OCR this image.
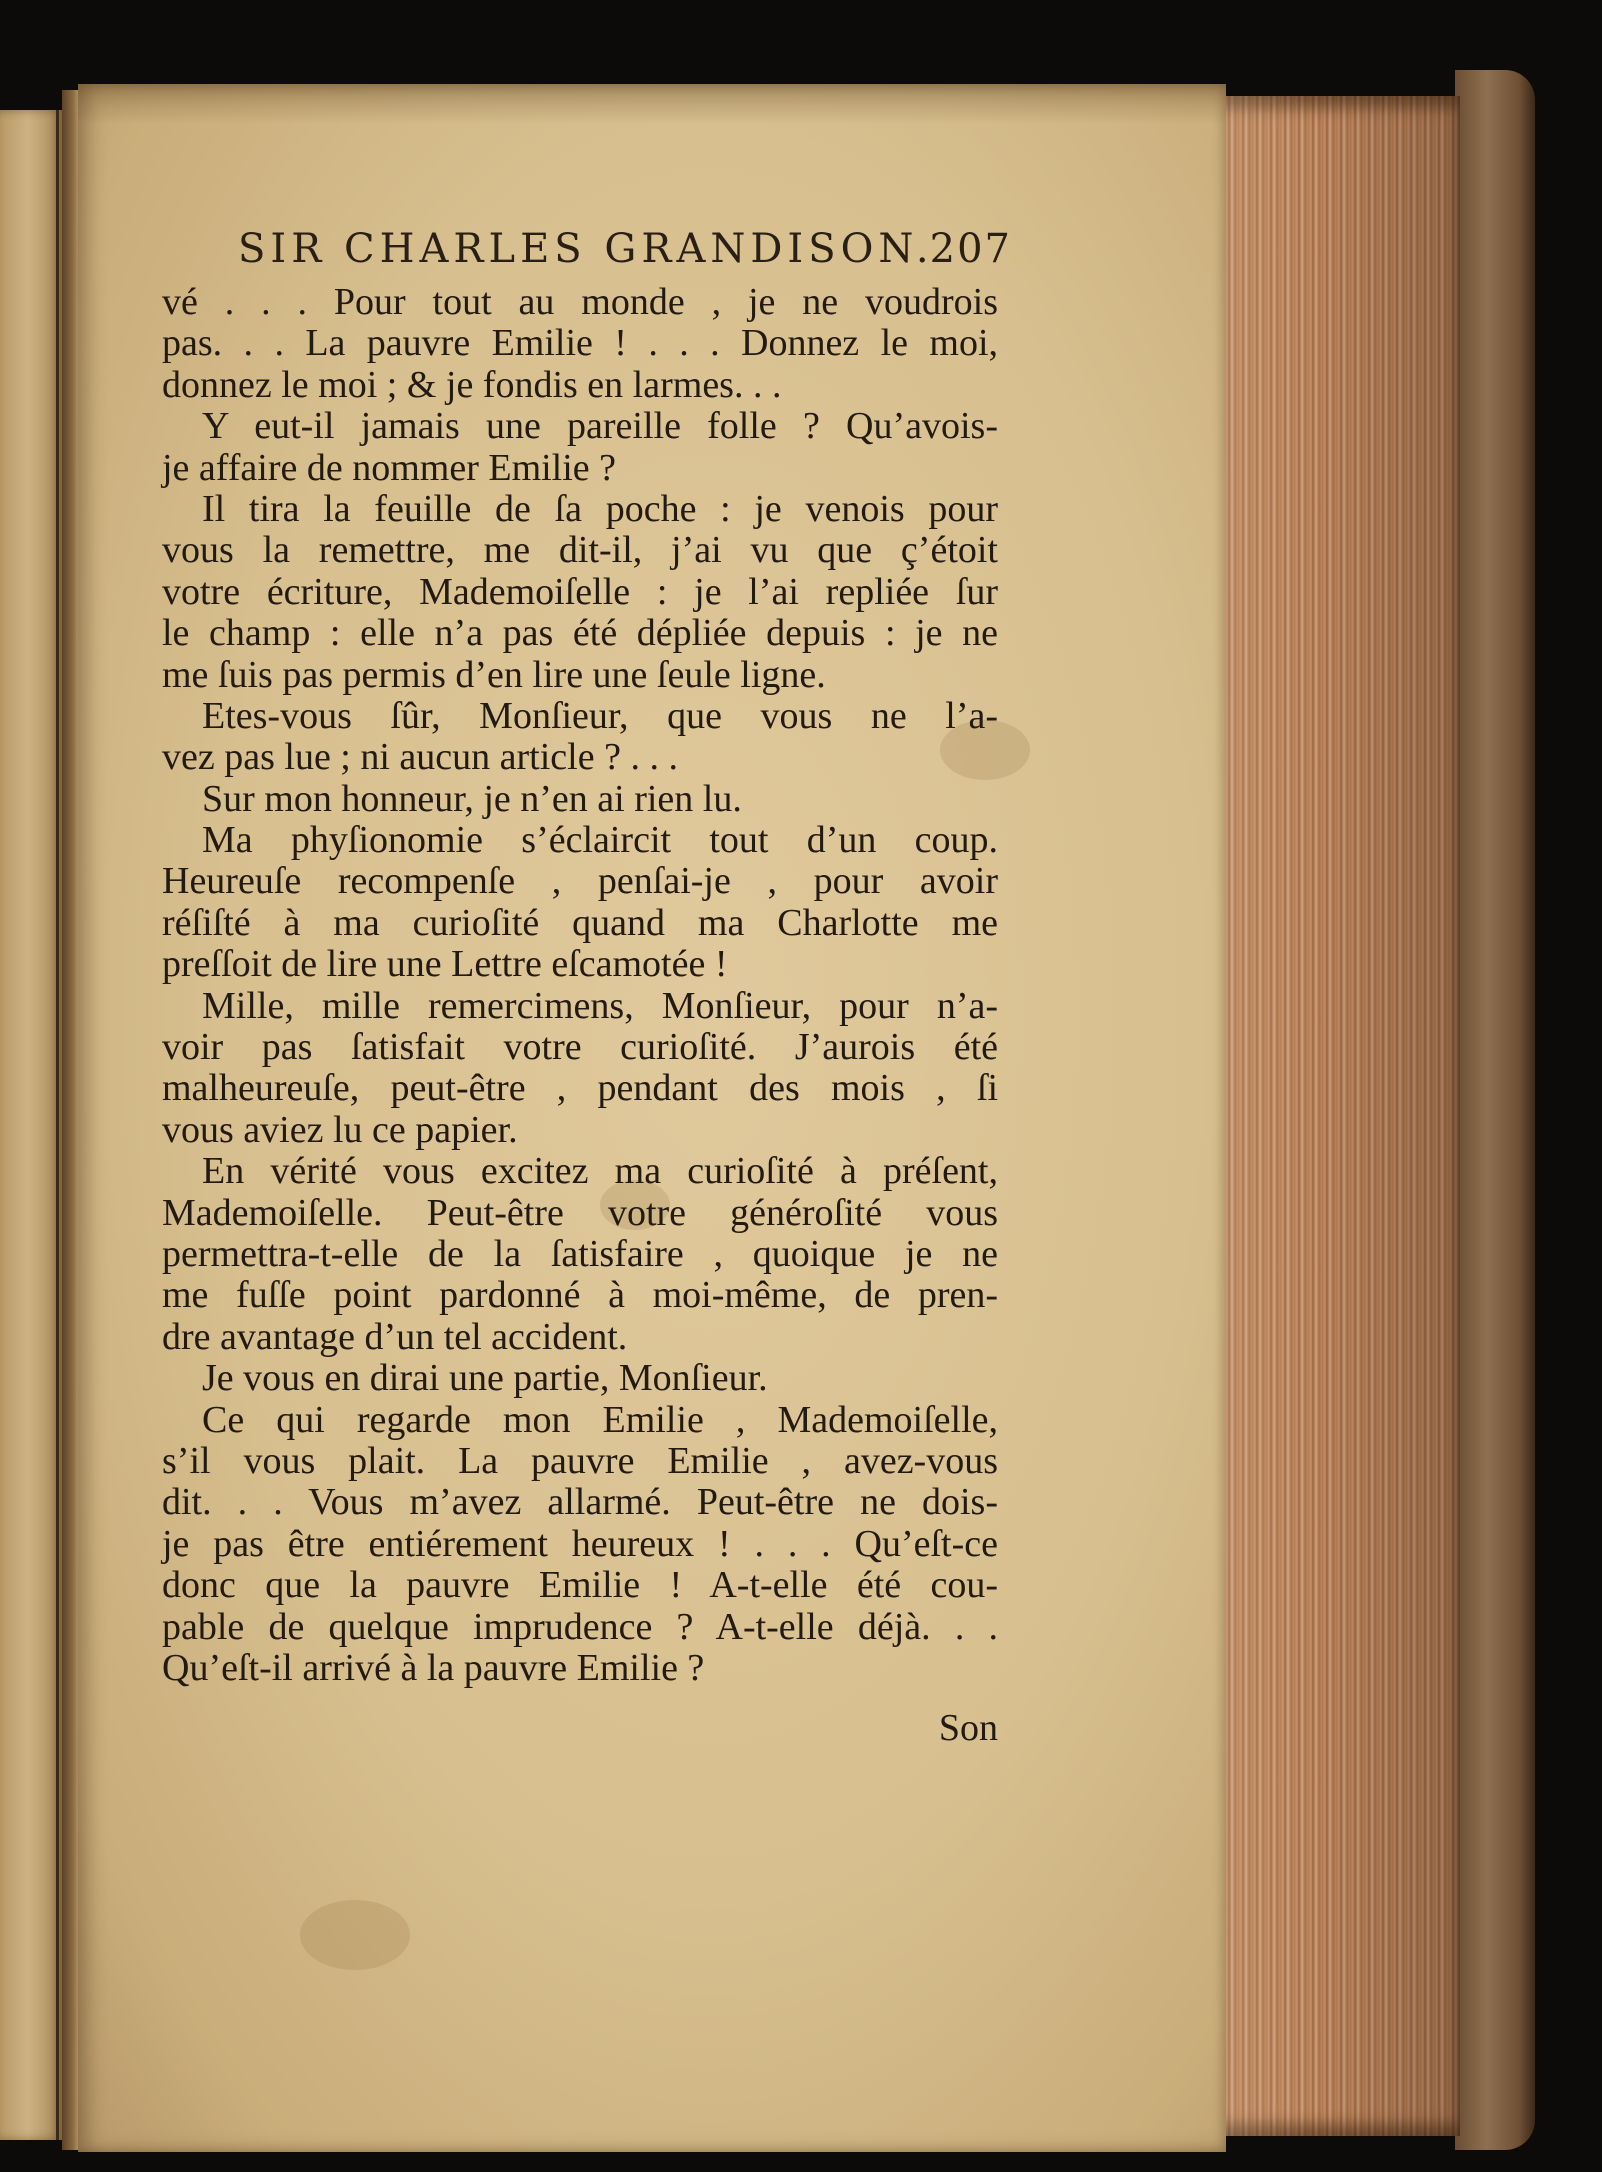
SIR CHARLES GRANDISON.
207
vé . . . Pour tout au monde , je ne voudrois
pas. . . La pauvre Emilie ! . . . Donnez le moi,
donnez le moi ; & je fondis en larmes. . .
Y eut-il jamais une pareille folle ? Qu’avois-
je affaire de nommer Emilie ?
Il tira la feuille de ſa poche : je venois pour
vous la remettre, me dit-il, j’ai vu que ç’étoit
votre écriture, Mademoiſelle : je l’ai repliée ſur
le champ : elle n’a pas été dépliée depuis : je ne
me ſuis pas permis d’en lire une ſeule ligne.
Etes-vous ſûr, Monſieur, que vous ne l’a-
vez pas lue ; ni aucun article ? . . .
Sur mon honneur, je n’en ai rien lu.
Ma phyſionomie s’éclaircit tout d’un coup.
Heureuſe recompenſe , penſai-je , pour avoir
réſiſté à ma curioſité quand ma Charlotte me
preſſoit de lire une Lettre eſcamotée !
Mille, mille remercimens, Monſieur, pour n’a-
voir pas ſatisfait votre curioſité. J’aurois été
malheureuſe, peut-être , pendant des mois , ſi
vous aviez lu ce papier.
En vérité vous excitez ma curioſité à préſent,
Mademoiſelle. Peut-être votre généroſité vous
permettra-t-elle de la ſatisfaire , quoique je ne
me fuſſe point pardonné à moi-même, de pren-
dre avantage d’un tel accident.
Je vous en dirai une partie, Monſieur.
Ce qui regarde mon Emilie , Mademoiſelle,
s’il vous plait. La pauvre Emilie , avez-vous
dit. . . Vous m’avez allarmé. Peut-être ne dois-
je pas être entiérement heureux ! . . . Qu’eſt-ce
donc que la pauvre Emilie ! A-t-elle été cou-
pable de quelque imprudence ? A-t-elle déjà. . .
Qu’eſt-il arrivé à la pauvre Emilie ?
Son
